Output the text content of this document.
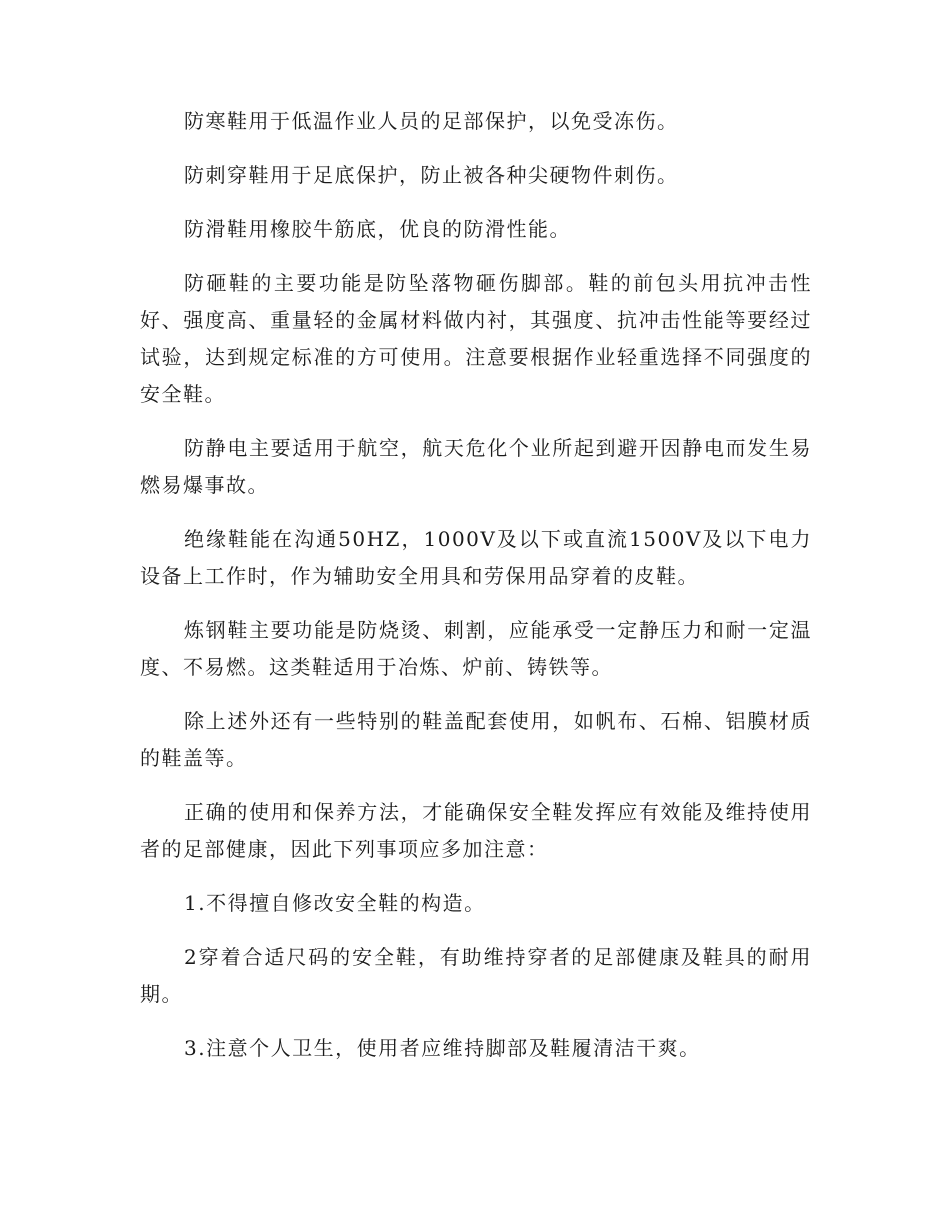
防寒鞋用于低温作业人员的足部保护，以免受冻伤。

防刺穿鞋用于足底保护，防止被各种尖硬物件刺伤。

防滑鞋用橡胶牛筋底，优良的防滑性能。

防砸鞋的主要功能是防坠落物砸伤脚部。鞋的前包头用抗冲击性好、强度高、重量轻的金属材料做内衬，其强度、抗冲击性能等要经过试验，达到规定标准的方可使用。注意要根据作业轻重选择不同强度的安全鞋。

防静电主要适用于航空，航天危化个业所起到避开因静电而发生易燃易爆事故。

绝缘鞋能在沟通50HZ，1000V及以下或直流1500V及以下电力设备上工作时，作为辅助安全用具和劳保用品穿着的皮鞋。

炼钢鞋主要功能是防烧烫、刺割，应能承受一定静压力和耐一定温度、不易燃。这类鞋适用于冶炼、炉前、铸铁等。

除上述外还有一些特别的鞋盖配套使用，如帆布、石棉、铝膜材质的鞋盖等。

正确的使用和保养方法，才能确保安全鞋发挥应有效能及维持使用者的足部健康，因此下列事项应多加注意：

1.不得擅自修改安全鞋的构造。

2穿着合适尺码的安全鞋，有助维持穿者的足部健康及鞋具的耐用期。

3.注意个人卫生，使用者应维持脚部及鞋履清洁干爽。
